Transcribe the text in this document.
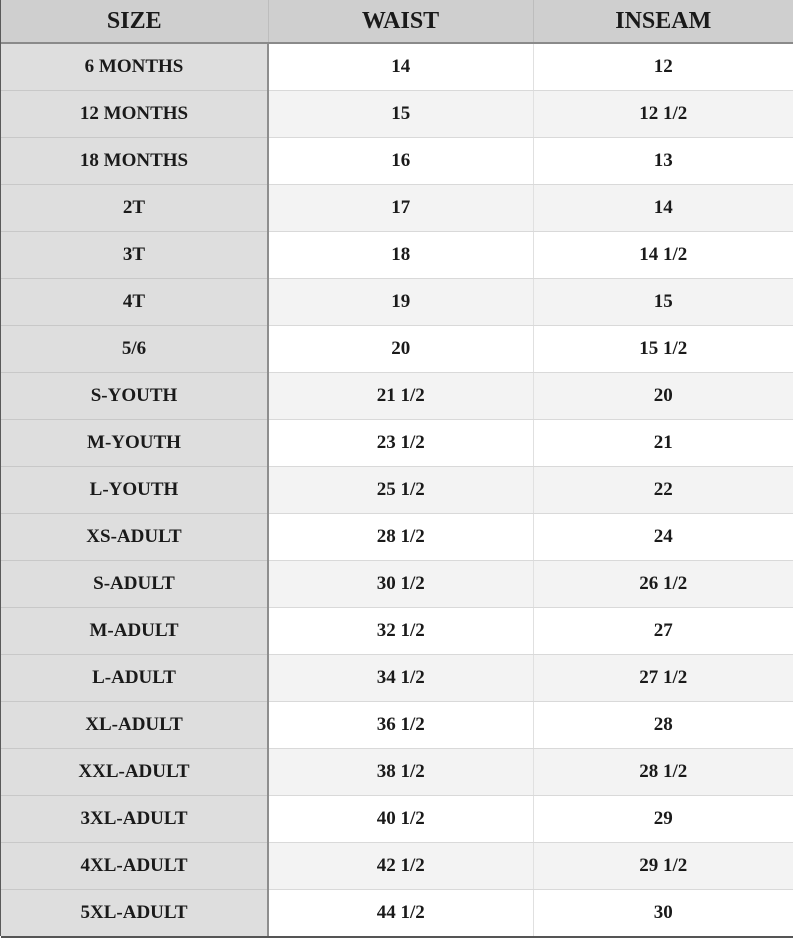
SIZE	WAIST	INSEAM
6 MONTHS	14	12
12 MONTHS	15	12 1/2
18 MONTHS	16	13
2T	17	14
3T	18	14 1/2
4T	19	15
5/6	20	15 1/2
S-YOUTH	21 1/2	20
M-YOUTH	23 1/2	21
L-YOUTH	25 1/2	22
XS-ADULT	28 1/2	24
S-ADULT	30 1/2	26 1/2
M-ADULT	32 1/2	27
L-ADULT	34 1/2	27 1/2
XL-ADULT	36 1/2	28
XXL-ADULT	38 1/2	28 1/2
3XL-ADULT	40 1/2	29
4XL-ADULT	42 1/2	29 1/2
5XL-ADULT	44 1/2	30
